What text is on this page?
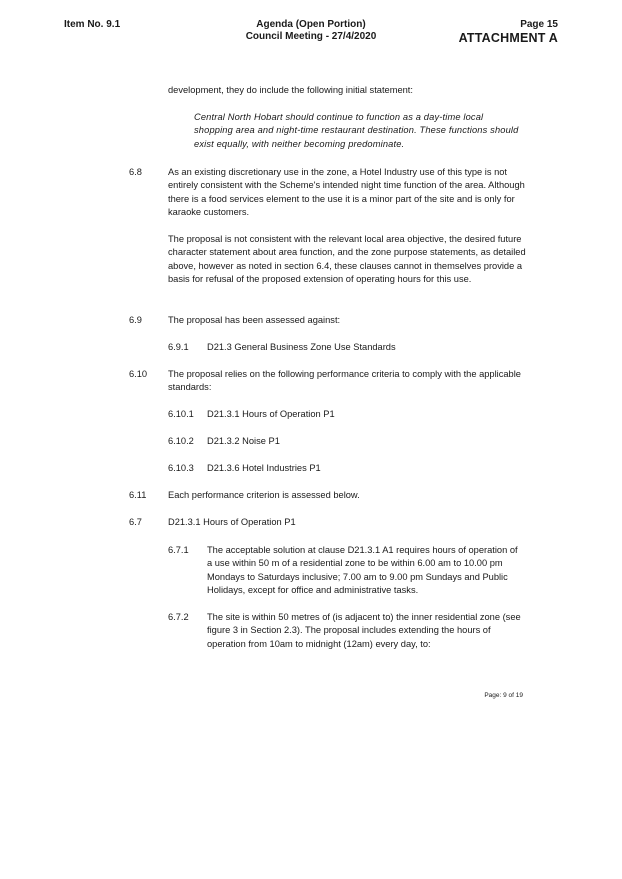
Item No. 9.1	Agenda (Open Portion)
Council Meeting - 27/4/2020
Page 15
ATTACHMENT A

development, they do include the following initial statement:

Central North Hobart should continue to function as a day-time local shopping area and night-time restaurant destination. These functions should exist equally, with neither becoming predominate.

6.8	As an existing discretionary use in the zone, a Hotel Industry use of this type is not entirely consistent with the Scheme's intended night time function of the area. Although there is a food services element to the use it is a minor part of the site and is only for karaoke customers.

The proposal is not consistent with the relevant local area objective, the desired future character statement about area function, and the zone purpose statements, as detailed above, however as noted in section 6.4, these clauses cannot in themselves provide a basis for refusal of the proposed extension of operating hours for this use.

6.9	The proposal has been assessed against:

6.9.1 D21.3 General Business Zone Use Standards

6.10 The proposal relies on the following performance criteria to comply with the applicable standards:

6.10.1 D21.3.1 Hours of Operation P1

6.10.2 D21.3.2 Noise P1

6.10.3 D21.3.6 Hotel Industries P1

6.11 Each performance criterion is assessed below.

6.7	D21.3.1 Hours of Operation P1

6.7.1 The acceptable solution at clause D21.3.1 A1 requires hours of operation of a use within 50 m of a residential zone to be within 6.00 am to 10.00 pm Mondays to Saturdays inclusive; 7.00 am to 9.00 pm Sundays and Public Holidays, except for office and administrative tasks.

6.7.2 The site is within 50 metres of (is adjacent to) the inner residential zone (see figure 3 in Section 2.3). The proposal includes extending the hours of operation from 10am to midnight (12am) every day, to:

Page: 9 of 19
